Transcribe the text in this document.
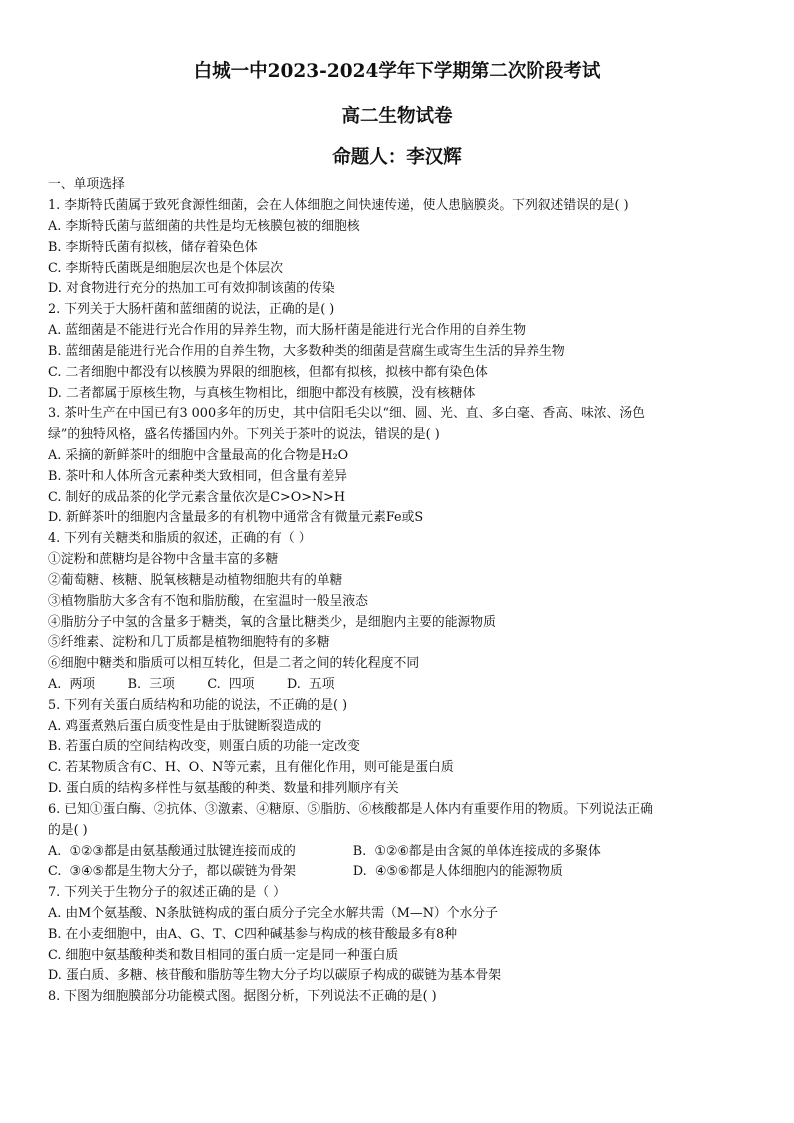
白城一中2023-2024学年下学期第二次阶段考试
高二生物试卷
命题人：李汉辉
一、单项选择
1. 李斯特氏菌属于致死食源性细菌，会在人体细胞之间快速传递，使人患脑膜炎。下列叙述错误的是( )
A. 李斯特氏菌与蓝细菌的共性是均无核膜包被的细胞核
B. 李斯特氏菌有拟核，储存着染色体
C. 李斯特氏菌既是细胞层次也是个体层次
D. 对食物进行充分的热加工可有效抑制该菌的传染
2. 下列关于大肠杆菌和蓝细菌的说法，正确的是( )
A. 蓝细菌是不能进行光合作用的异养生物，而大肠杆菌是能进行光合作用的自养生物
B. 蓝细菌是能进行光合作用的自养生物，大多数种类的细菌是营腐生或寄生生活的异养生物
C. 二者细胞中都没有以核膜为界限的细胞核，但都有拟核，拟核中都有染色体
D. 二者都属于原核生物，与真核生物相比，细胞中都没有核膜，没有核糖体
3. 茶叶生产在中国已有3 000多年的历史，其中信阳毛尖以“细、圆、光、直、多白毫、香高、味浓、汤色
绿”的独特风格，盛名传播国内外。下列关于茶叶的说法，错误的是( )
A. 采摘的新鲜茶叶的细胞中含量最高的化合物是H₂O
B. 茶叶和人体所含元素种类大致相同，但含量有差异
C. 制好的成品茶的化学元素含量依次是C>O>N>H
D. 新鲜茶叶的细胞内含量最多的有机物中通常含有微量元素Fe或S
4. 下列有关糖类和脂质的叙述，正确的有（ ）
①淀粉和蔗糖均是谷物中含量丰富的多糖
②葡萄糖、核糖、脱氧核糖是动植物细胞共有的单糖
③植物脂肪大多含有不饱和脂肪酸，在室温时一般呈液态
④脂肪分子中氢的含量多于糖类，氧的含量比糖类少，是细胞内主要的能源物质
⑤纤维素、淀粉和几丁质都是植物细胞特有的多糖
⑥细胞中糖类和脂质可以相互转化，但是二者之间的转化程度不同
A.  两项        B.  三项        C.  四项        D.  五项
5. 下列有关蛋白质结构和功能的说法，不正确的是( )
A. 鸡蛋煮熟后蛋白质变性是由于肽键断裂造成的
B. 若蛋白质的空间结构改变，则蛋白质的功能一定改变
C. 若某物质含有C、H、O、N等元素，且有催化作用，则可能是蛋白质
D. 蛋白质的结构多样性与氨基酸的种类、数量和排列顺序有关
6. 已知①蛋白酶、②抗体、③激素、④糖原、⑤脂肪、⑥核酸都是人体内有重要作用的物质。下列说法正确
的是( )
A.  ①②③都是由氨基酸通过肽键连接而成的              B.  ①②⑥都是由含氮的单体连接成的多聚体
C.  ③④⑤都是生物大分子，都以碳链为骨架              D.  ④⑤⑥都是人体细胞内的能源物质
7. 下列关于生物分子的叙述正确的是（ ）
A. 由M个氨基酸、N条肽链构成的蛋白质分子完全水解共需（M—N）个水分子
B. 在小麦细胞中，由A、G、T、C四种碱基参与构成的核苷酸最多有8种
C. 细胞中氨基酸种类和数目相同的蛋白质一定是同一种蛋白质
D. 蛋白质、多糖、核苷酸和脂肪等生物大分子均以碳原子构成的碳链为基本骨架
8. 下图为细胞膜部分功能模式图。据图分析，下列说法不正确的是( )
